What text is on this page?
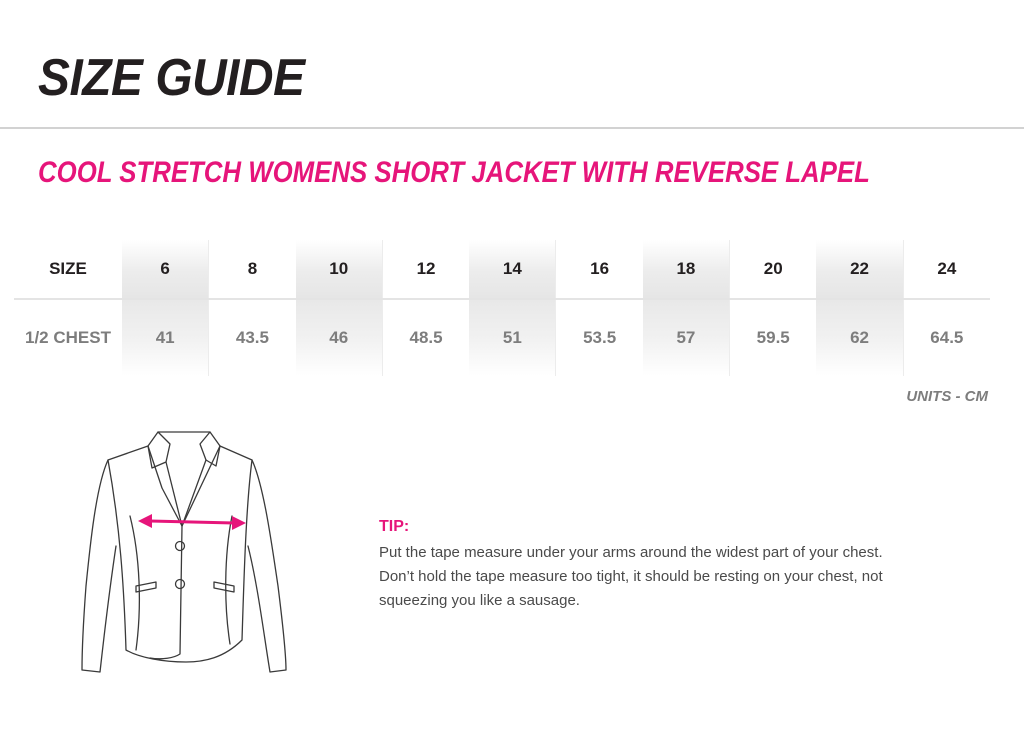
SIZE GUIDE
COOL STRETCH WOMENS SHORT JACKET WITH REVERSE LAPEL
SIZE	6	8	10	12	14	16	18	20	22	24
1/2 CHEST	41	43.5	46	48.5	51	53.5	57	59.5	62	64.5
UNITS - CM
TIP:

Put the tape measure under your arms around the widest part of your chest.
Don’t hold the tape measure too tight, it should be resting on your chest, not
squeezing you like a sausage.
